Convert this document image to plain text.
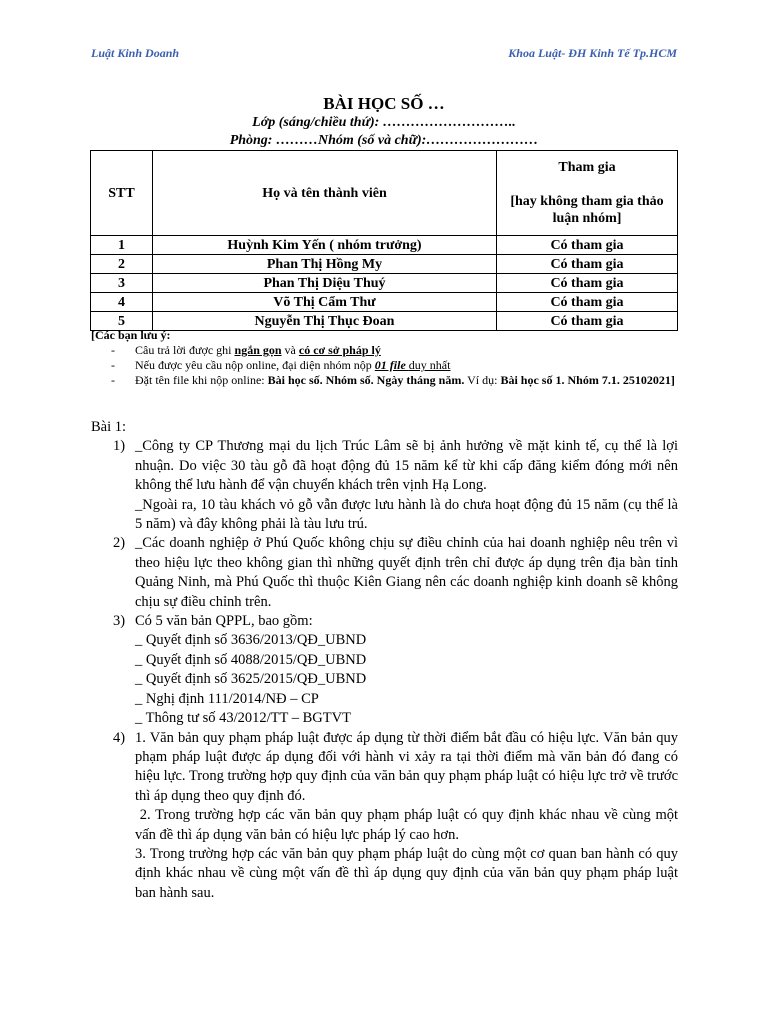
Luật Kinh Doanh	Khoa Luật- ĐH Kinh Tế Tp.HCM
BÀI HỌC SỐ …
Lớp (sáng/chiều thứ): ………………………..
Phòng: ………Nhóm (số và chữ):……………………
STT	Họ và tên thành viên	Tham gia
[hay không tham gia thảo luận nhóm]

1	Huỳnh Kim Yến ( nhóm trưởng)	Có tham gia
2	Phan Thị Hồng My	Có tham gia
3	Phan Thị Diệu Thuý	Có tham gia
4	Võ Thị Cẩm Thư	Có tham gia
5	Nguyễn Thị Thục Đoan	Có tham gia
[Các bạn lưu ý:
- Câu trả lời được ghi ngắn gọn và có cơ sở pháp lý
- Nếu được yêu cầu nộp online, đại diện nhóm nộp 01 file duy nhất
- Đặt tên file khi nộp online: Bài học số. Nhóm số. Ngày tháng năm. Ví dụ: Bài học số 1. Nhóm 7.1. 25102021]
Bài 1:
1) _Công ty CP Thương mại du lịch Trúc Lâm sẽ bị ảnh hưởng về mặt kinh tế, cụ thể là lợi nhuận. Do việc 30 tàu gỗ đã hoạt động đủ 15 năm kể từ khi cấp đăng kiểm đóng mới nên không thể lưu hành để vận chuyển khách trên vịnh Hạ Long.

_Ngoài ra, 10 tàu khách vỏ gỗ vẫn được lưu hành là do chưa hoạt động đủ 15 năm (cụ thể là 5 năm) và đây không phải là tàu lưu trú.

2) _Các doanh nghiệp ở Phú Quốc không chịu sự điều chỉnh của hai doanh nghiệp nêu trên vì theo hiệu lực theo không gian thì những quyết định trên chỉ được áp dụng trên địa bàn tỉnh Quảng Ninh, mà Phú Quốc thì thuộc Kiên Giang nên các doanh nghiệp kinh doanh sẽ không chịu sự điều chỉnh trên.

3) Có 5 văn bản QPPL, bao gồm:

_ Quyết định số 3636/2013/QĐ_UBND

_ Quyết định số 4088/2015/QĐ_UBND

_ Quyết định số 3625/2015/QĐ_UBND

_ Nghị định 111/2014/NĐ – CP

_ Thông tư số 43/2012/TT – BGTVT

4) 1. Văn bản quy phạm pháp luật được áp dụng từ thời điểm bắt đầu có hiệu lực. Văn bản quy phạm pháp luật được áp dụng đối với hành vi xảy ra tại thời điểm mà văn bản đó đang có hiệu lực. Trong trường hợp quy định của văn bản quy phạm pháp luật có hiệu lực trở về trước thì áp dụng theo quy định đó.

2. Trong trường hợp các văn bản quy phạm pháp luật có quy định khác nhau về cùng một vấn đề thì áp dụng văn bản có hiệu lực pháp lý cao hơn.

3. Trong trường hợp các văn bản quy phạm pháp luật do cùng một cơ quan ban hành có quy định khác nhau về cùng một vấn đề thì áp dụng quy định của văn bản quy phạm pháp luật ban hành sau.
